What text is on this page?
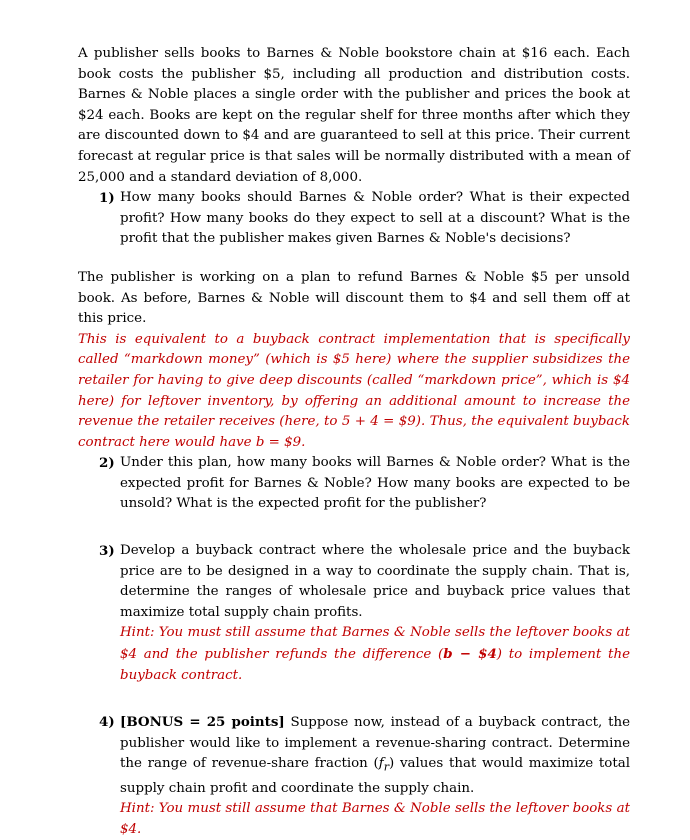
A publisher sells books to Barnes & Noble bookstore chain at $16 each. Each book costs the publisher $5, including all production and distribution costs. Barnes & Noble places a single order with the publisher and prices the book at $24 each. Books are kept on the regular shelf for three months after which they are discounted down to $4 and are guaranteed to sell at this price. Their current forecast at regular price is that sales will be normally distributed with a mean of 25,000 and a standard deviation of 8,000.

1) How many books should Barnes & Noble order? What is their expected profit? How many books do they expect to sell at a discount? What is the profit that the publisher makes given Barnes & Noble's decisions?

The publisher is working on a plan to refund Barnes & Noble $5 per unsold book. As before, Barnes & Noble will discount them to $4 and sell them off at this price.

This is equivalent to a buyback contract implementation that is specifically called “markdown money” (which is $5 here) where the supplier subsidizes the retailer for having to give deep discounts (called “markdown price”, which is $4 here) for leftover inventory, by offering an additional amount to increase the revenue the retailer receives (here, to 5 + 4 = $9). Thus, the equivalent buyback contract here would have b = $9.

2) Under this plan, how many books will Barnes & Noble order? What is the expected profit for Barnes & Noble? How many books are expected to be unsold? What is the expected profit for the publisher?
3) Develop a buyback contract where the wholesale price and the buyback price are to be designed in a way to coordinate the supply chain. That is, determine the ranges of wholesale price and buyback price values that maximize total supply chain profits.
Hint: You must still assume that Barnes & Noble sells the leftover books at $4 and the publisher refunds the difference (b − $4) to implement the buyback contract.
4) [BONUS = 25 points] Suppose now, instead of a buyback contract, the publisher would like to implement a revenue-sharing contract. Determine the range of revenue-share fraction $(f_r)$ values that would maximize total supply chain profit and coordinate the supply chain.
Hint: You must still assume that Barnes & Noble sells the leftover books at $4.
